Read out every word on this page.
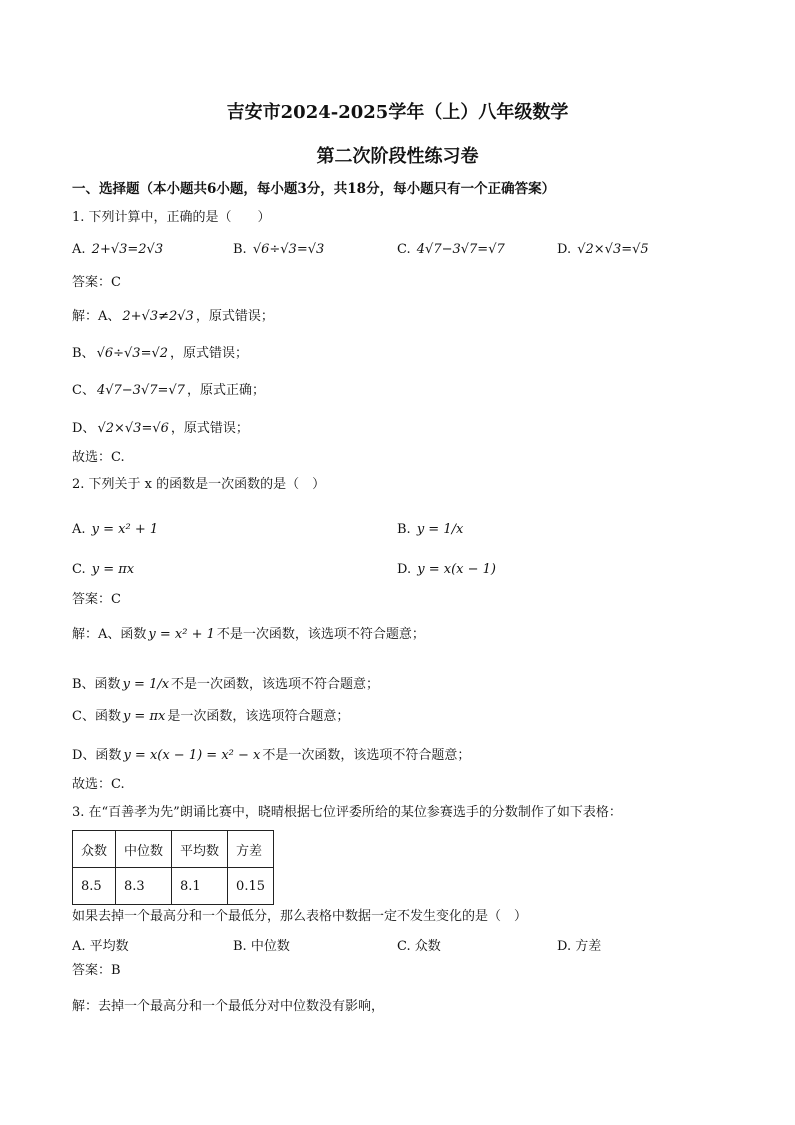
吉安市2024-2025学年（上）八年级数学
第二次阶段性练习卷
一、选择题（本小题共6小题，每小题3分，共18分，每小题只有一个正确答案）
1. 下列计算中，正确的是（　　）
A. 2+√3=2√3	B. √6÷√3=√3	C. 4√7−3√7=√7	D. √2×√3=√5
答案：C
解：A、 2+√3≠2√3 ，原式错误；
B、 √6÷√3=√2 ，原式错误；
C、 4√7−3√7=√7 ，原式正确；
D、 √2×√3=√6 ，原式错误；
故选：C.
2. 下列关于 x 的函数是一次函数的是（　）
A. y = x² + 1	B. y = 1/x
C. y = πx	D. y = x(x − 1)
答案：C
解：A、函数 y = x² + 1 不是一次函数，该选项不符合题意；
B、函数 y = 1/x 不是一次函数，该选项不符合题意；
C、函数 y = πx 是一次函数，该选项符合题意；
D、函数 y = x(x − 1) = x² − x 不是一次函数，该选项不符合题意；
故选：C.
3. 在“百善孝为先”朗诵比赛中，晓晴根据七位评委所给的某位参赛选手的分数制作了如下表格：
众数	中位数	平均数	方差
8.5	8.3	8.1	0.15
如果去掉一个最高分和一个最低分，那么表格中数据一定不发生变化的是（　）
A. 平均数	B. 中位数	C. 众数	D. 方差
答案：B
解：去掉一个最高分和一个最低分对中位数没有影响，
